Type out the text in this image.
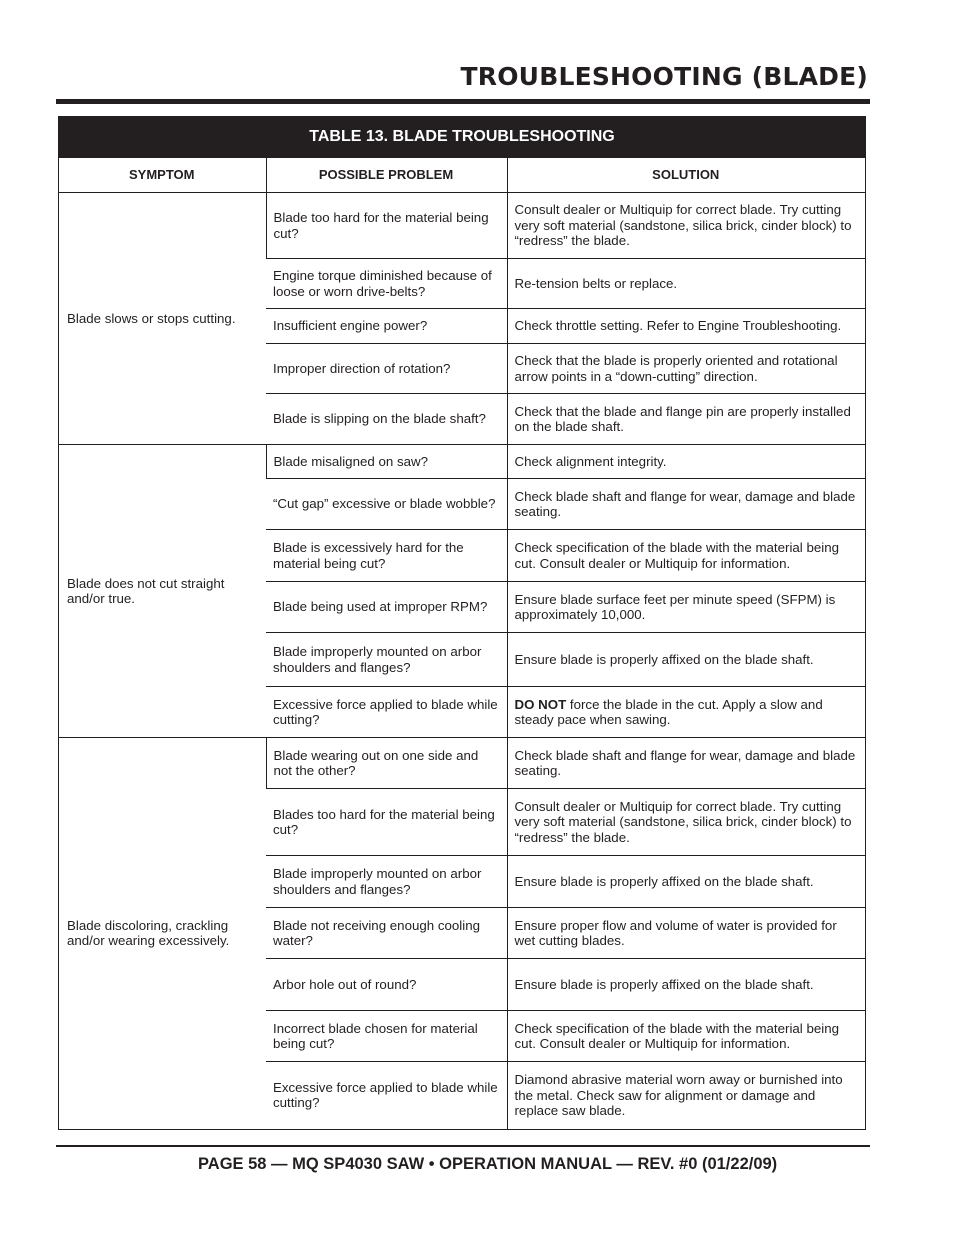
TROUBLESHOOTING (BLADE)
TABLE 13. BLADE TROUBLESHOOTING
SYMPTOM	POSSIBLE PROBLEM	SOLUTION
Blade slows or stops cutting.	Blade too hard for the material being cut?	Consult dealer or Multiquip for correct blade. Try cutting very soft material (sandstone, silica brick, cinder block) to “redress” the blade.
	Engine torque diminished because of loose or worn drive-belts?	Re-tension belts or replace.
	Insufficient engine power?	Check throttle setting. Refer to Engine Troubleshooting.
	Improper direction of rotation?	Check that the blade is properly oriented and rotational arrow points in a “down-cutting” direction.
	Blade is slipping on the blade shaft?	Check that the blade and flange pin are properly installed on the blade shaft.
Blade does not cut straight and/or true.	Blade misaligned on saw?	Check alignment integrity.
	“Cut gap” excessive or blade wobble?	Check blade shaft and flange for wear, damage and blade seating.
	Blade is excessively hard for the material being cut?	Check specification of the blade with the material being cut. Consult dealer or Multiquip for information.
	Blade being used at improper RPM?	Ensure blade surface feet per minute speed (SFPM) is approximately 10,000.
	Blade improperly mounted on arbor shoulders and flanges?	Ensure blade is properly affixed on the blade shaft.
	Excessive force applied to blade while cutting?	DO NOT force the blade in the cut. Apply a slow and steady pace when sawing.
Blade discoloring, crackling and/or wearing excessively.	Blade wearing out on one side and not the other?	Check blade shaft and flange for wear, damage and blade seating.
	Blades too hard for the material being cut?	Consult dealer or Multiquip for correct blade. Try cutting very soft material (sandstone, silica brick, cinder block) to “redress” the blade.
	Blade improperly mounted on arbor shoulders and flanges?	Ensure blade is properly affixed on the blade shaft.
	Blade not receiving enough cooling water?	Ensure proper flow and volume of water is provided for wet cutting blades.
	Arbor hole out of round?	Ensure blade is properly affixed on the blade shaft.
	Incorrect blade chosen for material being cut?	Check specification of the blade with the material being cut. Consult dealer or Multiquip for information.
	Excessive force applied to blade while cutting?	Diamond abrasive material worn away or burnished into the metal. Check saw for alignment or damage and replace saw blade.
PAGE 58 — MQ SP4030 SAW • OPERATION MANUAL — REV. #0 (01/22/09)
